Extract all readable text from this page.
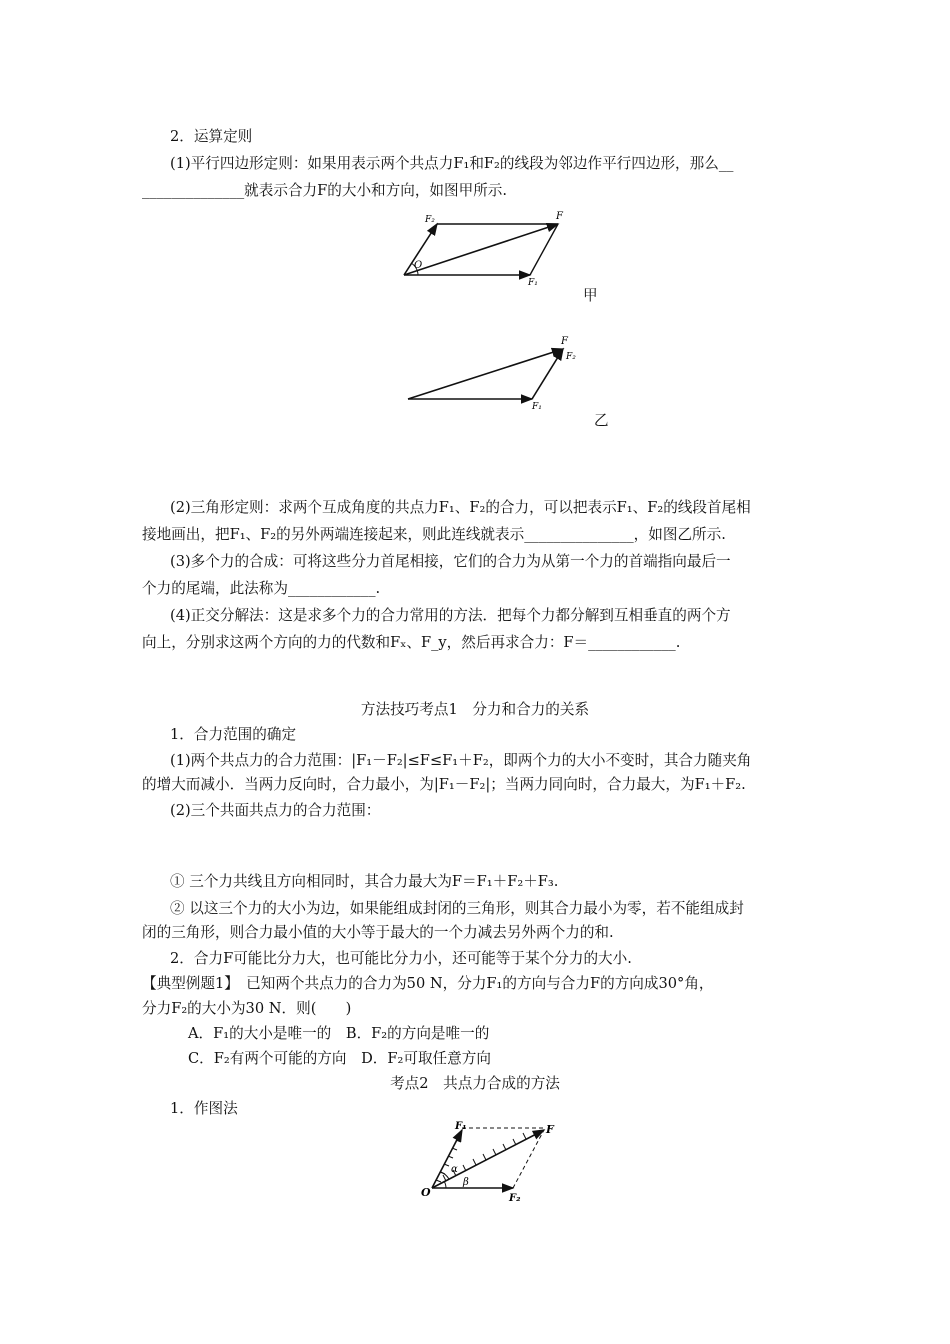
2．运算定则
(1)平行四边形定则：如果用表示两个共点力F₁和F₂的线段为邻边作平行四边形，那么__
______________就表示合力F的大小和方向，如图甲所示.
F₂	F
F₁
O
F
F₂
F₁
F₁	F
F₂
O
α
β
甲
乙
(2)三角形定则：求两个互成角度的共点力F₁、F₂的合力，可以把表示F₁、F₂的线段首尾相
接地画出，把F₁、F₂的另外两端连接起来，则此连线就表示_______________，如图乙所示.
(3)多个力的合成：可将这些分力首尾相接，它们的合力为从第一个力的首端指向最后一
个力的尾端，此法称为____________.
(4)正交分解法：这是求多个力的合力常用的方法．把每个力都分解到互相垂直的两个方
向上，分别求这两个方向的力的代数和Fₓ、F_y，然后再求合力：F＝____________.
方法技巧考点1　分力和合力的关系
1．合力范围的确定
(1)两个共点力的合力范围：|F₁－F₂|≤F≤F₁＋F₂，即两个力的大小不变时，其合力随夹角
的增大而减小．当两力反向时，合力最小，为|F₁－F₂|；当两力同向时，合力最大，为F₁＋F₂.
(2)三个共面共点力的合力范围：
① 三个力共线且方向相同时，其合力最大为F＝F₁＋F₂＋F₃.
② 以这三个力的大小为边，如果能组成封闭的三角形，则其合力最小为零，若不能组成封
闭的三角形，则合力最小值的大小等于最大的一个力减去另外两个力的和.
2．合力F可能比分力大，也可能比分力小，还可能等于某个分力的大小.
【典型例题1】　已知两个共点力的合力为50 N，分力F₁的方向与合力F的方向成30°角，
分力F₂的大小为30 N．则(　　)
A．F₁的大小是唯一的　B．F₂的方向是唯一的
C．F₂有两个可能的方向　D．F₂可取任意方向
考点2　共点力合成的方法
1．作图法
